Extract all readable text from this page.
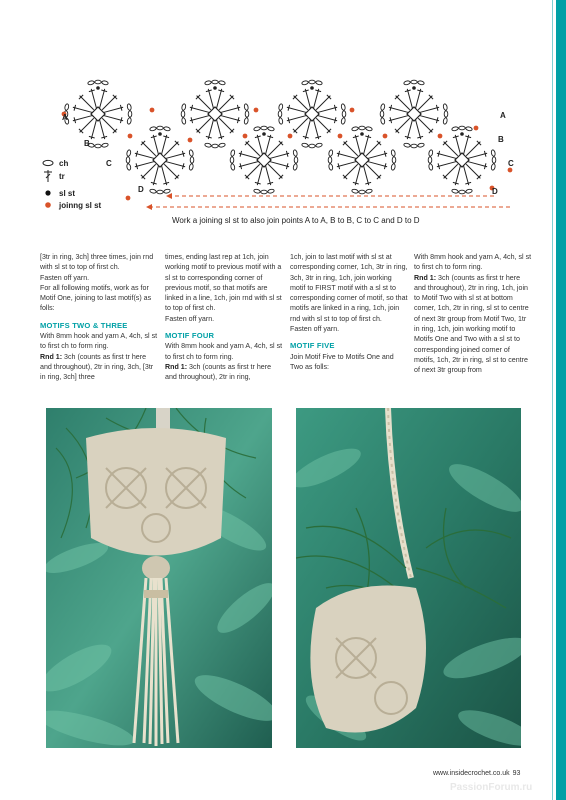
A
B
C
D
A
B
C
D
ch
tr
sl st
joinng sl st
Work a joining sl st to also join points A to A, B to B, C to C and D to D

[3tr in ring, 3ch] three times, join rnd with sl st to top of first ch.

Fasten off yarn.

For all following motifs, work as for Motif One, joining to last motif(s) as folls:

MOTIFS TWO & THREE

With 8mm hook and yarn A, 4ch, sl st to first ch to form ring.

Rnd 1: 3ch (counts as first tr here and throughout), 2tr in ring, 3ch, [3tr in ring, 3ch] three

times, ending last rep at 1ch, join working motif to previous motif with a sl st to corresponding corner of previous motif, so that motifs are linked in a line, 1ch, join rnd with sl st to top of first ch.

Fasten off yarn.

MOTIF FOUR

With 8mm hook and yarn A, 4ch, sl st to first ch to form ring.

Rnd 1: 3ch (counts as first tr here and throughout), 2tr in ring,

1ch, join to last motif with sl st at corresponding corner, 1ch, 3tr in ring, 3ch, 3tr in ring, 1ch, join working motif to FIRST motif with a sl st to corresponding corner of motif, so that motifs are linked in a ring, 1ch, join rnd with sl st to top of first ch.

Fasten off yarn.

MOTIF FIVE

Join Motif Five to Motifs One and Two as folls:

With 8mm hook and yarn A, 4ch, sl st to first ch to form ring.

Rnd 1: 3ch (counts as first tr here and throughout), 2tr in ring, 1ch, join to Motif Two with sl st at bottom corner, 1ch, 2tr in ring, sl st to centre of next 3tr group from Motif Two, 1tr in ring, 1ch, join working motif to Motifs One and Two with a sl st to corresponding joined corner of motifs, 1ch, 2tr in ring, sl st to centre of next 3tr group from

www.insidecrochet.co.uk 93
PassionForum.ru
